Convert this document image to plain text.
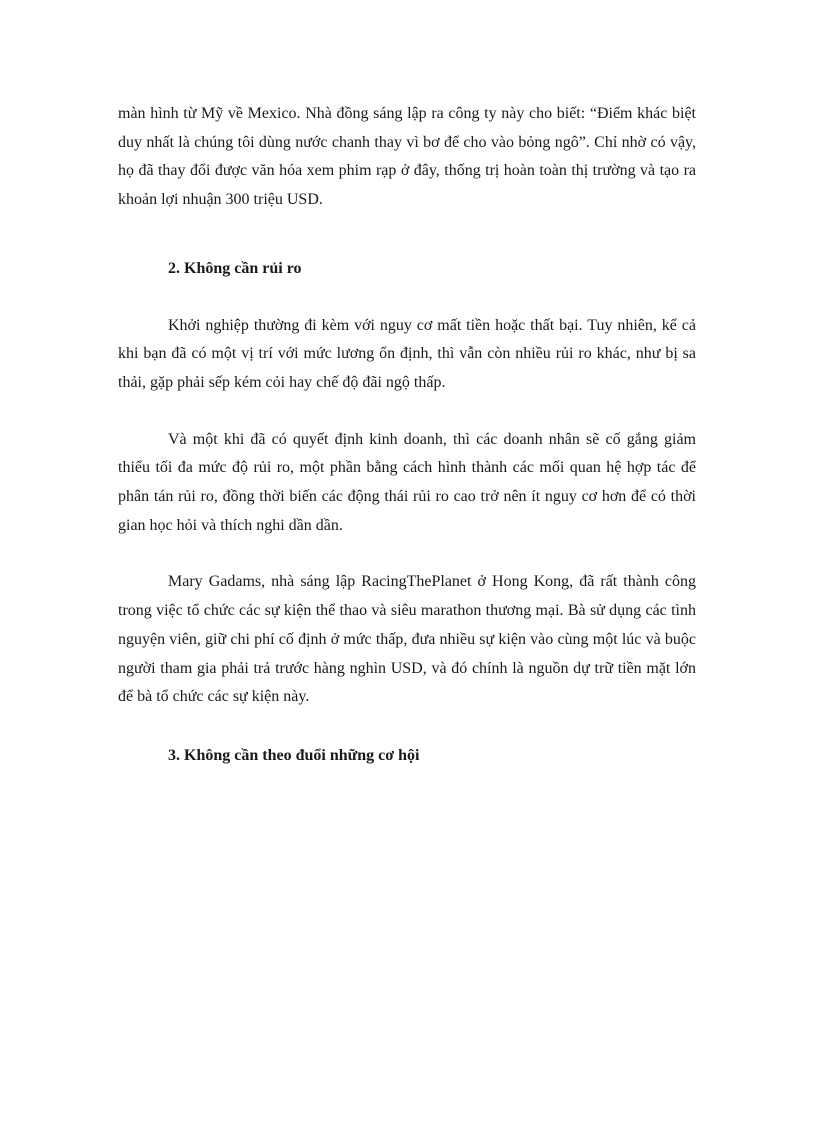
màn hình từ Mỹ về Mexico. Nhà đồng sáng lập ra công ty này cho biết: “Điểm khác biệt duy nhất là chúng tôi dùng nước chanh thay vì bơ để cho vào bỏng ngô”. Chỉ nhờ có vậy, họ đã thay đổi được văn hóa xem phim rạp ở đây, thống trị hoàn toàn thị trường và tạo ra khoản lợi nhuận 300 triệu USD.

2. Không cần rủi ro

Khởi nghiệp thường đi kèm với nguy cơ mất tiền hoặc thất bại. Tuy nhiên, kể cả khi bạn đã có một vị trí với mức lương ổn định, thì vẫn còn nhiều rủi ro khác, như bị sa thải, gặp phải sếp kém cỏi hay chế độ đãi ngộ thấp.

Và một khi đã có quyết định kinh doanh, thì các doanh nhân sẽ cố gắng giảm thiểu tối đa mức độ rủi ro, một phần bằng cách hình thành các mối quan hệ hợp tác để phân tán rủi ro, đồng thời biến các động thái rủi ro cao trở nên ít nguy cơ hơn để có thời gian học hỏi và thích nghi dần dần.

Mary Gadams, nhà sáng lập RacingThePlanet ở Hong Kong, đã rất thành công trong việc tổ chức các sự kiện thể thao và siêu marathon thương mại. Bà sử dụng các tình nguyện viên, giữ chi phí cố định ở mức thấp, đưa nhiều sự kiện vào cùng một lúc và buộc người tham gia phải trả trước hàng nghìn USD, và đó chính là nguồn dự trữ tiền mặt lớn để bà tổ chức các sự kiện này.

3. Không cần theo đuổi những cơ hội
